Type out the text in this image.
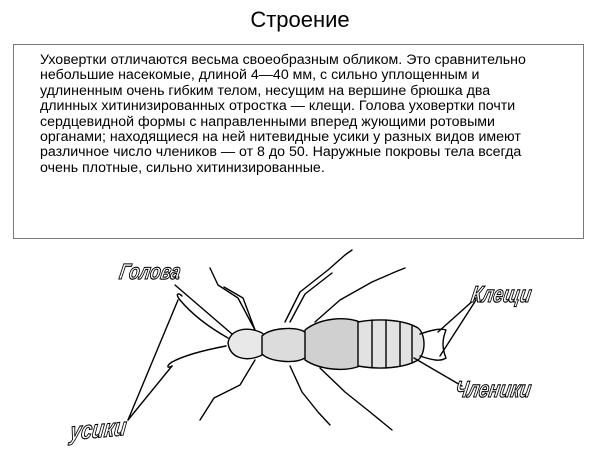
Строение

Уховертки отличаются весьма своеобразным обликом. Это сравнительно небольшие насекомые, длиной 4—40 мм, с сильно уплощенным и удлиненным очень гибким телом, несущим на вершине брюшка два длинных хитинизированных отростка — клещи. Голова уховертки почти сердцевидной формы с направленными вперед жующими ротовыми органами; находящиеся на ней нитевидные усики у разных видов имеют различное число члеников — от 8 до 50. Наружные покровы тела всегда очень плотные, сильно хитинизированные.

Голова
Клещи
Членики
усики
